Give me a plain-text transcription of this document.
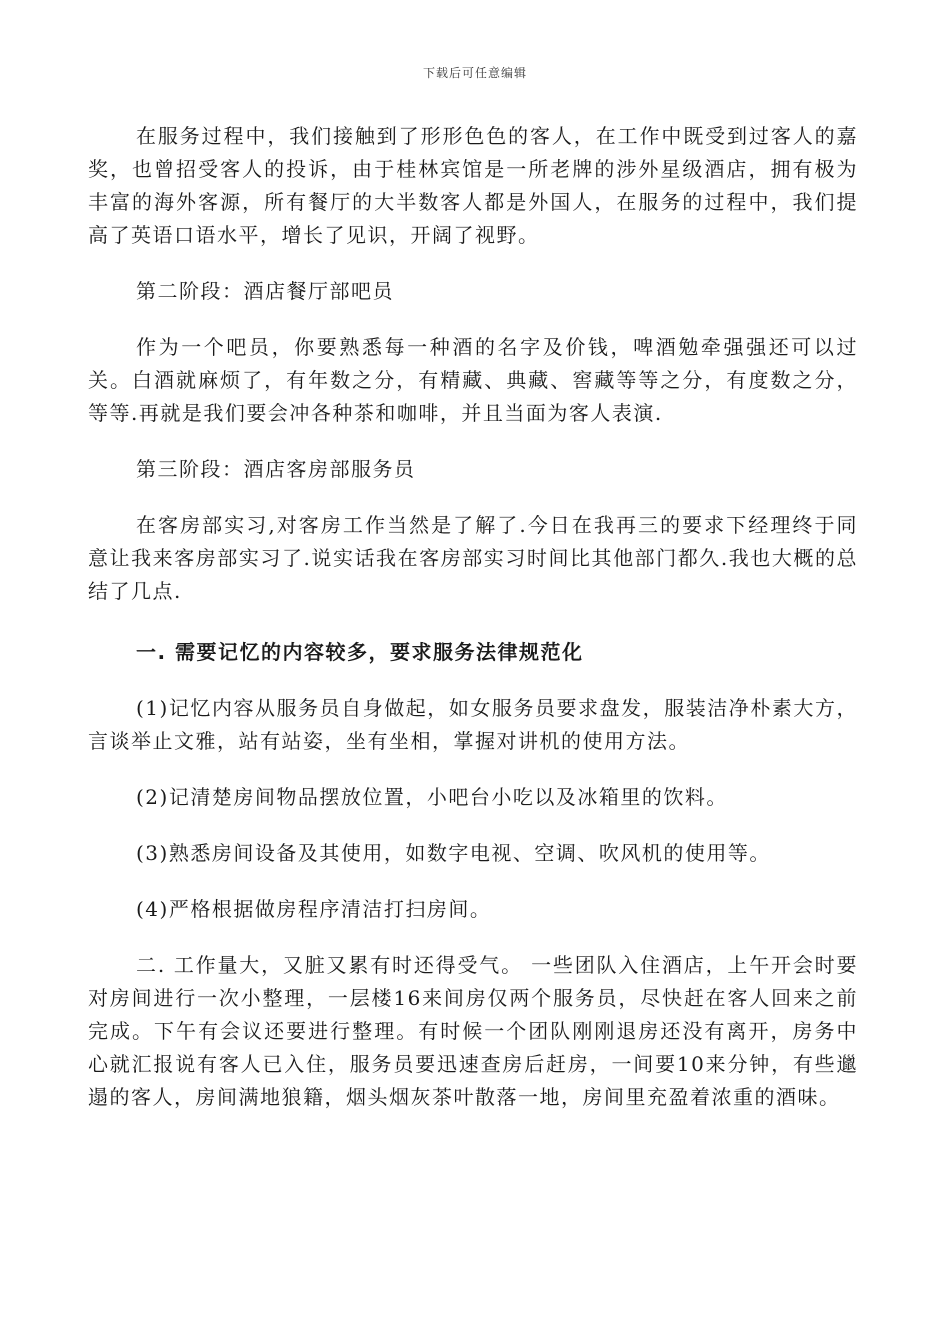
下载后可任意编辑

在服务过程中，我们接触到了形形色色的客人，在工作中既受到过客人的嘉奖，也曾招受客人的投诉，由于桂林宾馆是一所老牌的涉外星级酒店，拥有极为丰富的海外客源，所有餐厅的大半数客人都是外国人，在服务的过程中，我们提高了英语口语水平，增长了见识，开阔了视野。

第二阶段：酒店餐厅部吧员

作为一个吧员，你要熟悉每一种酒的名字及价钱，啤酒勉牵强强还可以过关。白酒就麻烦了，有年数之分，有精藏、典藏、窖藏等等之分，有度数之分，等等.再就是我们要会冲各种茶和咖啡，并且当面为客人表演.

第三阶段：酒店客房部服务员

在客房部实习,对客房工作当然是了解了.今日在我再三的要求下经理终于同意让我来客房部实习了.说实话我在客房部实习时间比其他部门都久.我也大概的总结了几点.

一. 需要记忆的内容较多，要求服务法律规范化

(1)记忆内容从服务员自身做起，如女服务员要求盘发，服装洁净朴素大方，言谈举止文雅，站有站姿，坐有坐相，掌握对讲机的使用方法。

(2)记清楚房间物品摆放位置，小吧台小吃以及冰箱里的饮料。

(3)熟悉房间设备及其使用，如数字电视、空调、吹风机的使用等。

(4)严格根据做房程序清洁打扫房间。

二. 工作量大，又脏又累有时还得受气。 一些团队入住酒店，上午开会时要对房间进行一次小整理，一层楼16来间房仅两个服务员，尽快赶在客人回来之前完成。下午有会议还要进行整理。有时候一个团队刚刚退房还没有离开，房务中心就汇报说有客人已入住，服务员要迅速查房后赶房，一间要10来分钟，有些邋遢的客人，房间满地狼籍，烟头烟灰茶叶散落一地，房间里充盈着浓重的酒味。
